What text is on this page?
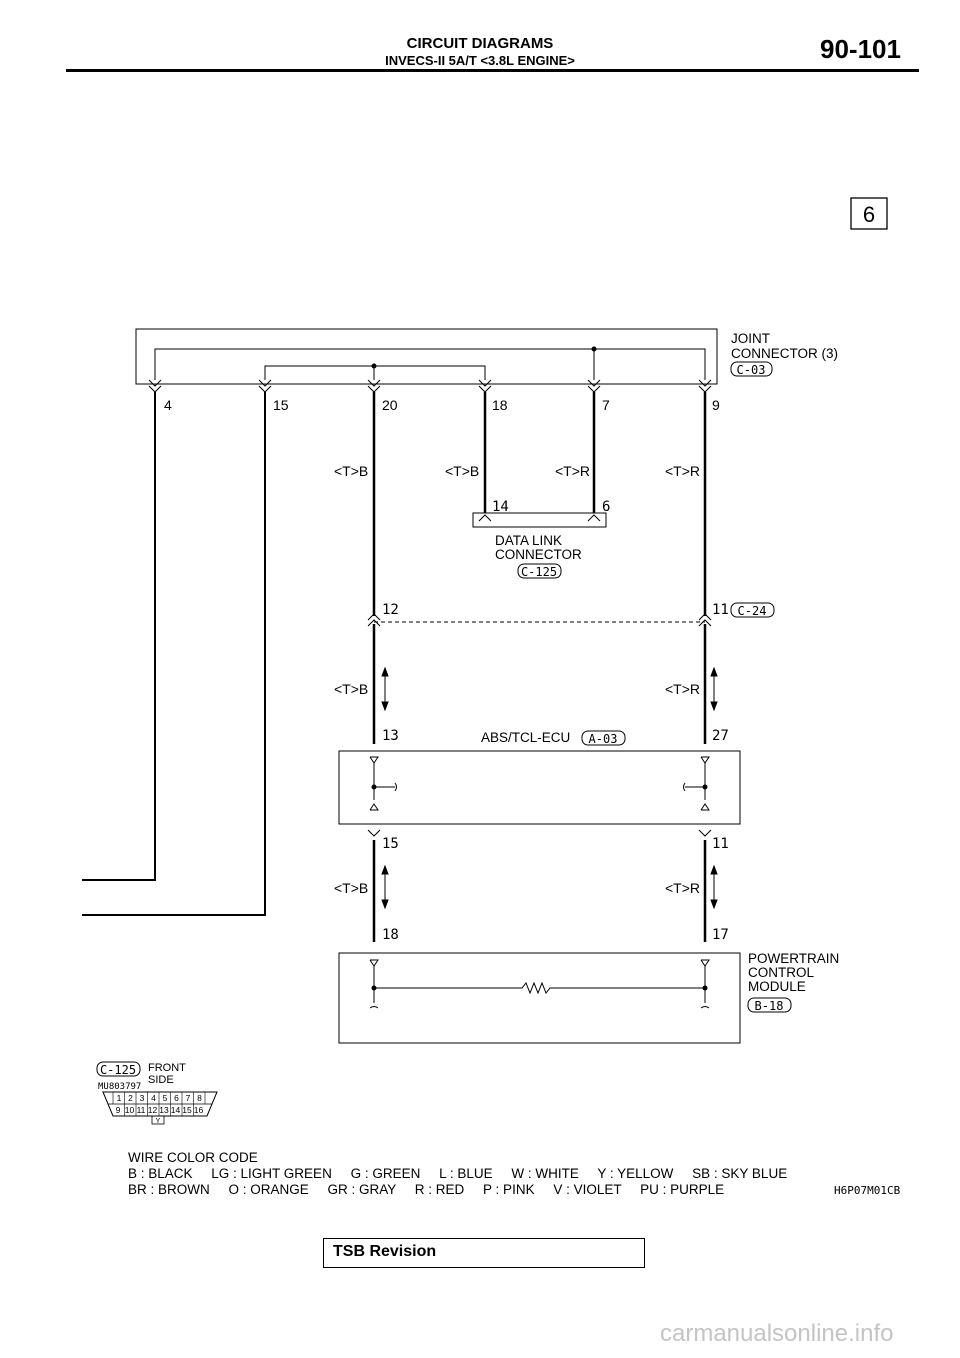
CIRCUIT DIAGRAMS
INVECS-II 5A/T <3.8L ENGINE>	90-101
6
4	15	20	18	7	9
JOINT
CONNECTOR (3)
C-03
<T>B	<T>B	<T>R	<T>R
<T>B	<T>R
<T>B	<T>R
14	6
DATA LINK
CONNECTOR
C-125
12	11 C-24
13	27
ABS/TCL-ECU A-03
15	11
18	17
POWERTRAIN
CONTROL
MODULE
B-18
C-125 FRONT
SIDE
MU803797
Y
1 2 3 4 5 6 7 8
9 10 11 12 13 14 15 16
H6P07M01CB
WIRE COLOR CODE
B : BLACK     LG : LIGHT GREEN     G : GREEN     L : BLUE     W : WHITE     Y : YELLOW     SB : SKY BLUE
BR : BROWN     O : ORANGE     GR : GRAY     R : RED     P : PINK     V : VIOLET     PU : PURPLE
TSB Revision
carmanualsonline.info
